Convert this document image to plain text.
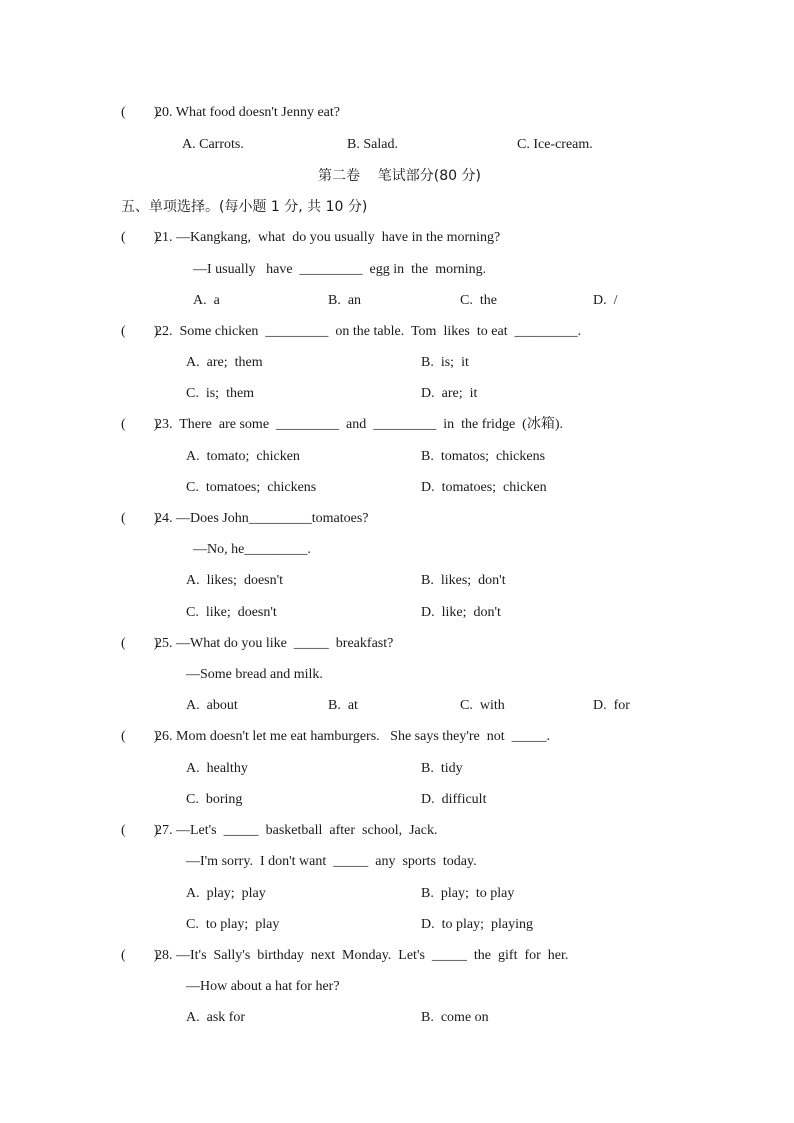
(        )
20. What food doesn't Jenny eat?
A. Carrots.	B. Salad.	C. Ice-cream.
第二卷    笔试部分(80 分)
五、单项选择。(每小题 1 分, 共 10 分)
(        )
21. —Kangkang,  what  do you usually  have in the morning?
—I usually   have  _________  egg in  the  morning.
A.  a	B.  an	C.  the	D.  /
(        )
22.  Some chicken  _________  on the table.  Tom  likes  to eat  _________.
A.  are;  them	B.  is;  it
C.  is;  them	D.  are;  it
(        )
23.  There  are some  _________  and  _________  in  the fridge  (冰箱).
A.  tomato;  chicken	B.  tomatos;  chickens
C.  tomatoes;  chickens	D.  tomatoes;  chicken
(        )
24. —Does John_________tomatoes?
—No, he_________.
A.  likes;  doesn't	B.  likes;  don't
C.  like;  doesn't	D.  like;  don't
(        )
25. —What do you like  _____  breakfast?
—Some bread and milk.
A.  about	B.  at	C.  with	D.  for
(        )
26. Mom doesn't let me eat hamburgers.   She says they're  not  _____.
A.  healthy	B.  tidy
C.  boring	D.  difficult
(        )
27. —Let's  _____  basketball  after  school,  Jack.
—I'm sorry.  I don't want  _____  any  sports  today.
A.  play;  play	B.  play;  to play
C.  to play;  play	D.  to play;  playing
(        )
28. —It's  Sally's  birthday  next  Monday.  Let's  _____  the  gift  for  her.
—How about a hat for her?
A.  ask for	B.  come on
